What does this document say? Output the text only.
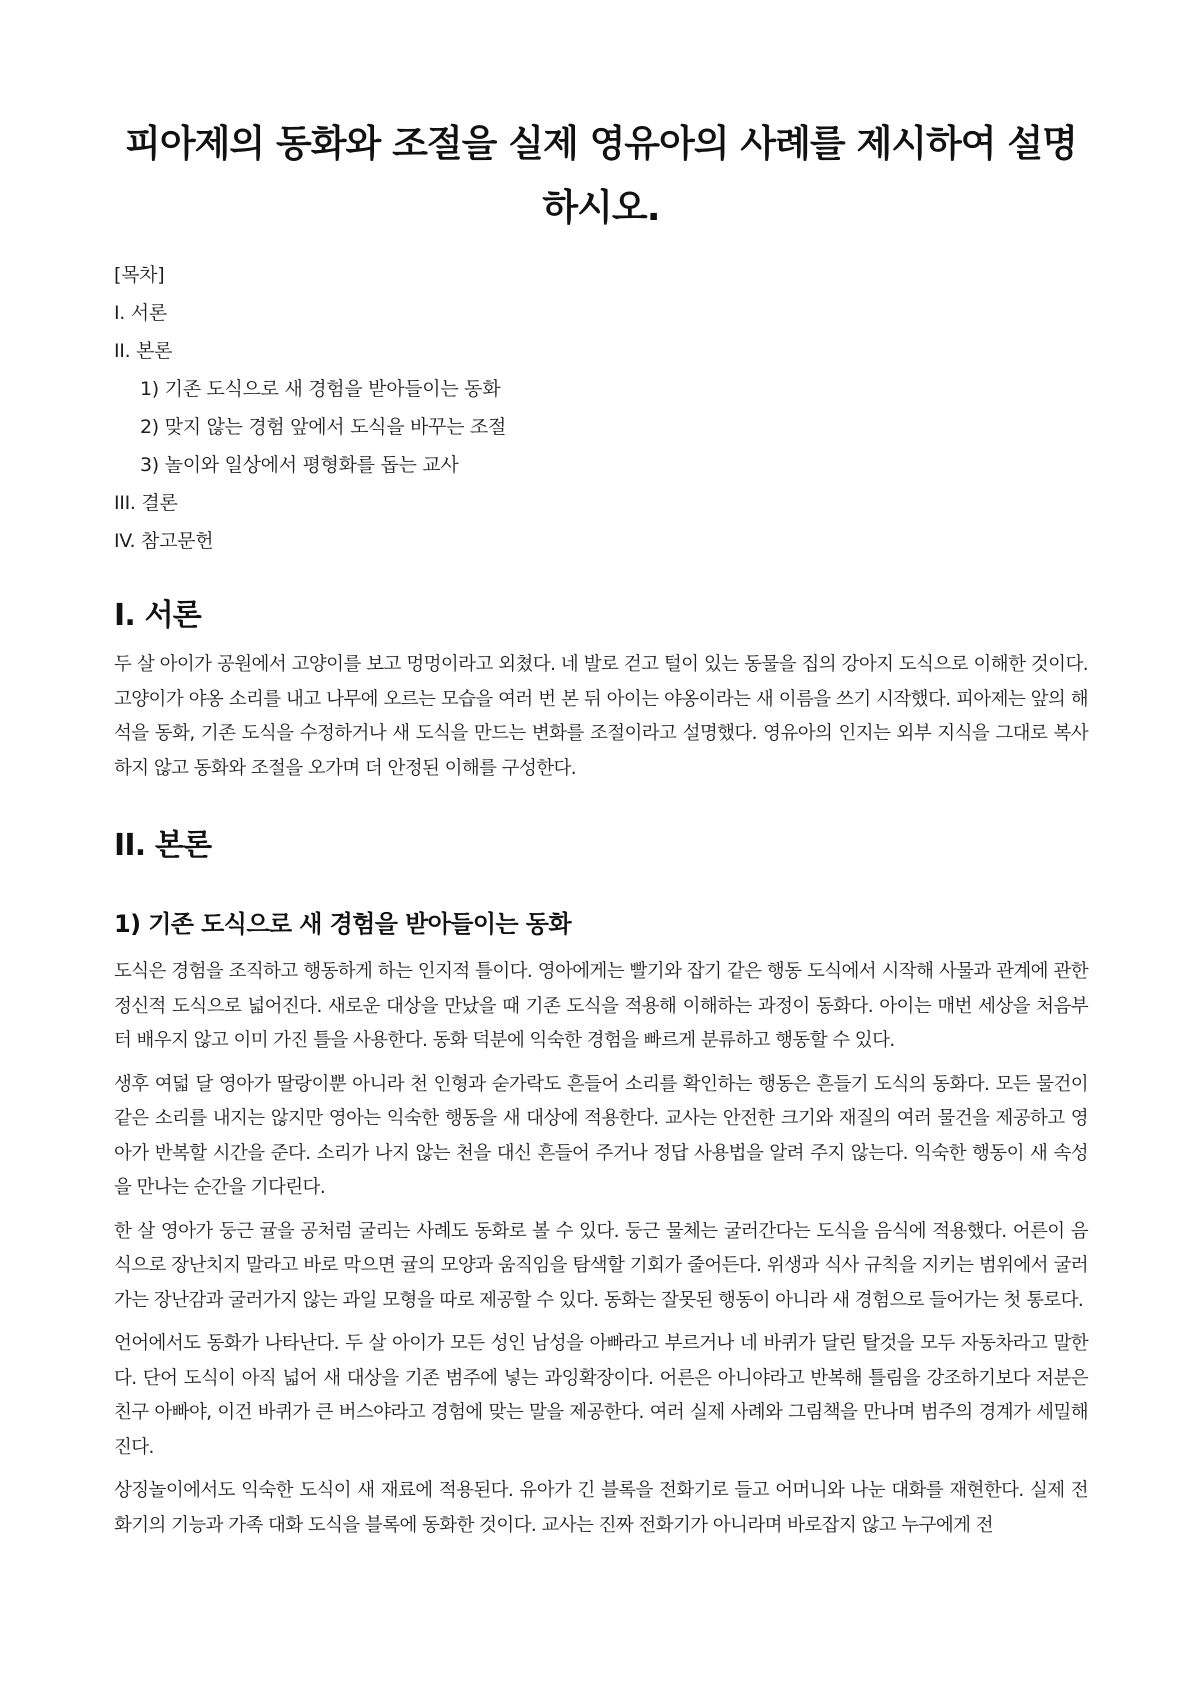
피아제의 동화와 조절을 실제 영유아의 사례를 제시하여 설명하시오.
[목차]
I. 서론
II. 본론
1) 기존 도식으로 새 경험을 받아들이는 동화
2) 맞지 않는 경험 앞에서 도식을 바꾸는 조절
3) 놀이와 일상에서 평형화를 돕는 교사
III. 결론
IV. 참고문헌
I. 서론

두 살 아이가 공원에서 고양이를 보고 멍멍이라고 외쳤다. 네 발로 걷고 털이 있는 동물을 집의 강아지 도식으로 이해한 것이다. 고양이가 야옹 소리를 내고 나무에 오르는 모습을 여러 번 본 뒤 아이는 야옹이라는 새 이름을 쓰기 시작했다. 피아제는 앞의 해석을 동화, 기존 도식을 수정하거나 새 도식을 만드는 변화를 조절이라고 설명했다. 영유아의 인지는 외부 지식을 그대로 복사하지 않고 동화와 조절을 오가며 더 안정된 이해를 구성한다.

II. 본론
1) 기존 도식으로 새 경험을 받아들이는 동화

도식은 경험을 조직하고 행동하게 하는 인지적 틀이다. 영아에게는 빨기와 잡기 같은 행동 도식에서 시작해 사물과 관계에 관한 정신적 도식으로 넓어진다. 새로운 대상을 만났을 때 기존 도식을 적용해 이해하는 과정이 동화다. 아이는 매번 세상을 처음부터 배우지 않고 이미 가진 틀을 사용한다. 동화 덕분에 익숙한 경험을 빠르게 분류하고 행동할 수 있다.

생후 여덟 달 영아가 딸랑이뿐 아니라 천 인형과 숟가락도 흔들어 소리를 확인하는 행동은 흔들기 도식의 동화다. 모든 물건이 같은 소리를 내지는 않지만 영아는 익숙한 행동을 새 대상에 적용한다. 교사는 안전한 크기와 재질의 여러 물건을 제공하고 영아가 반복할 시간을 준다. 소리가 나지 않는 천을 대신 흔들어 주거나 정답 사용법을 알려 주지 않는다. 익숙한 행동이 새 속성을 만나는 순간을 기다린다.

한 살 영아가 둥근 귤을 공처럼 굴리는 사례도 동화로 볼 수 있다. 둥근 물체는 굴러간다는 도식을 음식에 적용했다. 어른이 음식으로 장난치지 말라고 바로 막으면 귤의 모양과 움직임을 탐색할 기회가 줄어든다. 위생과 식사 규칙을 지키는 범위에서 굴러가는 장난감과 굴러가지 않는 과일 모형을 따로 제공할 수 있다. 동화는 잘못된 행동이 아니라 새 경험으로 들어가는 첫 통로다.

언어에서도 동화가 나타난다. 두 살 아이가 모든 성인 남성을 아빠라고 부르거나 네 바퀴가 달린 탈것을 모두 자동차라고 말한다. 단어 도식이 아직 넓어 새 대상을 기존 범주에 넣는 과잉확장이다. 어른은 아니야라고 반복해 틀림을 강조하기보다 저분은 친구 아빠야, 이건 바퀴가 큰 버스야라고 경험에 맞는 말을 제공한다. 여러 실제 사례와 그림책을 만나며 범주의 경계가 세밀해진다.

상징놀이에서도 익숙한 도식이 새 재료에 적용된다. 유아가 긴 블록을 전화기로 들고 어머니와 나눈 대화를 재현한다. 실제 전화기의 기능과 가족 대화 도식을 블록에 동화한 것이다. 교사는 진짜 전화기가 아니라며 바로잡지 않고 누구에게 전
